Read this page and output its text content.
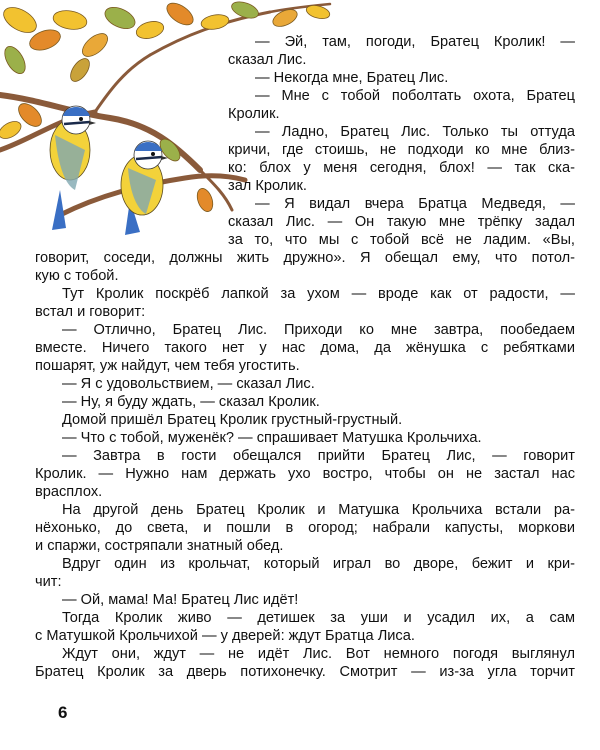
— Эй, там, погоди, Братец Кролик! —
сказал Лис.
— Некогда мне, Братец Лис.
— Мне с тобой поболтать охота, Братец
Кролик.
— Ладно, Братец Лис. Только ты оттуда
кричи, где стоишь, не подходи ко мне близ-
ко: блох у меня сегодня, блох! — так ска-
зал Кролик.
— Я видал вчера Братца Медведя, —
сказал Лис. — Он такую мне трёпку задал
за то, что мы с тобой всё не ладим. «Вы,
говорит, соседи, должны жить дружно». Я обещал ему, что потол-
кую с тобой.
Тут Кролик поскрёб лапкой за ухом — вроде как от радости, —
встал и говорит:
— Отлично, Братец Лис. Приходи ко мне завтра, пообедаем
вместе. Ничего такого нет у нас дома, да жёнушка с ребятками
пошарят, уж найдут, чем тебя угостить.
— Я с удовольствием, — сказал Лис.
— Ну, я буду ждать, — сказал Кролик.
Домой пришёл Братец Кролик грустный-грустный.
— Что с тобой, муженёк? — спрашивает Матушка Крольчиха.
— Завтра в гости обещался прийти Братец Лис, — говорит
Кролик. — Нужно нам держать ухо востро, чтобы он не застал нас
врасплох.
На другой день Братец Кролик и Матушка Крольчиха встали ра-
нёхонько, до света, и пошли в огород; набрали капусты, моркови
и спаржи, состряпали знатный обед.
Вдруг один из крольчат, который играл во дворе, бежит и кри-
чит:
— Ой, мама! Ма! Братец Лис идёт!
Тогда Кролик живо — детишек за уши и усадил их, а сам
с Матушкой Крольчихой — у дверей: ждут Братца Лиса.
Ждут они, ждут — не идёт Лис. Вот немного погодя выглянул
Братец Кролик за дверь потихонечку. Смотрит — из-за угла торчит
6
